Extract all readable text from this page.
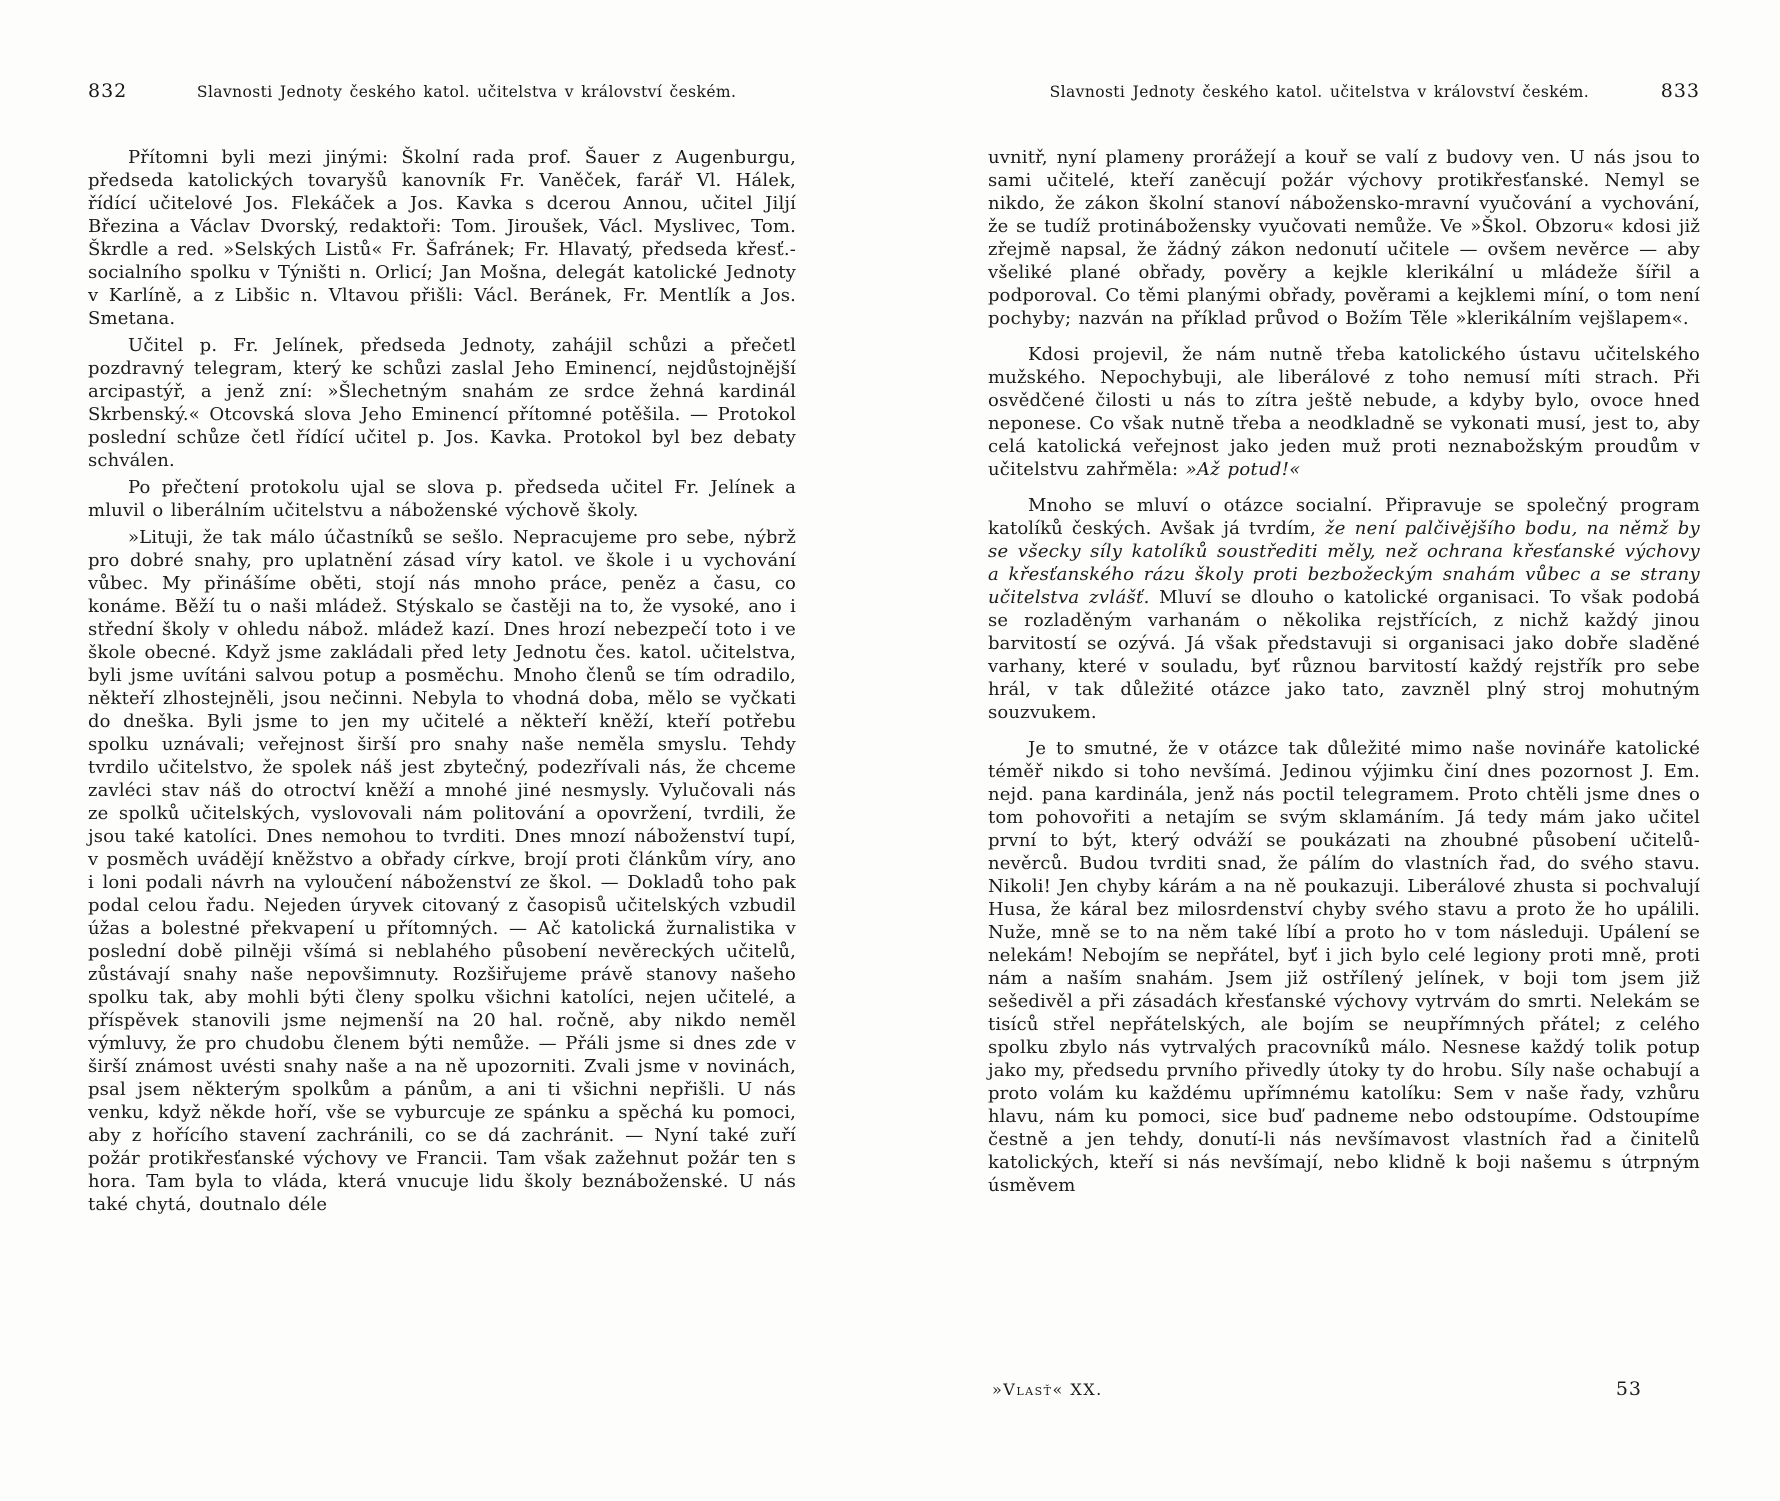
832	Slavnosti Jednoty českého katol. učitelstva v království českém.

Přítomni byli mezi jinými: Školní rada prof. Šauer z Augenburgu, předseda katolických tovaryšů kanovník Fr. Vaněček, farář Vl. Hálek, řídící učitelové Jos. Flekáček a Jos. Kavka s dcerou Annou, učitel Jiljí Březina a Václav Dvorský, redaktoři: Tom. Jiroušek, Václ. Myslivec, Tom. Škrdle a red. »Selských Listů« Fr. Šafránek; Fr. Hlavatý, předseda křesť.-socialního spolku v Týništi n. Orlicí; Jan Mošna, delegát katolické Jednoty v Karlíně, a z Libšic n. Vltavou přišli: Václ. Beránek, Fr. Mentlík a Jos. Smetana.

Učitel p. Fr. Jelínek, předseda Jednoty, zahájil schůzi a přečetl pozdravný telegram, který ke schůzi zaslal Jeho Eminencí, nejdůstojnější arcipastýř, a jenž zní: »Šlechetným snahám ze srdce žehná kardinál Skrbenský.« Otcovská slova Jeho Eminencí přítomné potěšila. — Protokol poslední schůze četl řídící učitel p. Jos. Kavka. Protokol byl bez debaty schválen.

Po přečtení protokolu ujal se slova p. předseda učitel Fr. Jelínek a mluvil o liberálním učitelstvu a náboženské výchově školy.

»Lituji, že tak málo účastníků se sešlo. Nepracujeme pro sebe, nýbrž pro dobré snahy, pro uplatnění zásad víry katol. ve škole i u vychování vůbec. My přinášíme oběti, stojí nás mnoho práce, peněz a času, co konáme. Běží tu o naši mládež. Stýskalo se častěji na to, že vysoké, ano i střední školy v ohledu nábož. mládež kazí. Dnes hrozí nebezpečí toto i ve škole obecné. Když jsme zakládali před lety Jednotu čes. katol. učitelstva, byli jsme uvítáni salvou potup a posměchu. Mnoho členů se tím odradilo, někteří zlhostejněli, jsou nečinni. Nebyla to vhodná doba, mělo se vyčkati do dneška. Byli jsme to jen my učitelé a někteří kněží, kteří potřebu spolku uznávali; veřejnost širší pro snahy naše neměla smyslu. Tehdy tvrdilo učitelstvo, že spolek náš jest zbytečný, podezřívali nás, že chceme zavléci stav náš do otroctví kněží a mnohé jiné nesmysly. Vylučovali nás ze spolků učitelských, vyslovovali nám politování a opovržení, tvrdili, že jsou také katolíci. Dnes nemohou to tvrditi. Dnes mnozí náboženství tupí, v posměch uvádějí kněžstvo a obřady církve, brojí proti článkům víry, ano i loni podali návrh na vyloučení náboženství ze škol. — Dokladů toho pak podal celou řadu. Nejeden úryvek citovaný z časopisů učitelských vzbudil úžas a bolestné překvapení u přítomných. — Ač katolická žurnalistika v poslední době pilněji všímá si neblahého působení nevěreckých učitelů, zůstávají snahy naše nepovšimnuty. Rozšiřujeme právě stanovy našeho spolku tak, aby mohli býti členy spolku všichni katolíci, nejen učitelé, a příspěvek stanovili jsme nejmenší na 20 hal. ročně, aby nikdo neměl výmluvy, že pro chudobu členem býti nemůže. — Přáli jsme si dnes zde v širší známost uvésti snahy naše a na ně upozorniti. Zvali jsme v novinách, psal jsem některým spolkům a pánům, a ani ti všichni nepřišli. U nás venku, když někde hoří, vše se vyburcuje ze spánku a spěchá ku pomoci, aby z hořícího stavení zachránili, co se dá zachránit. — Nyní také zuří požár protikřesťanské výchovy ve Francii. Tam však zažehnut požár ten s hora. Tam byla to vláda, která vnucuje lidu školy beznáboženské. U nás také chytá, doutnalo déle

Slavnosti Jednoty českého katol. učitelstva v království českém.	833

uvnitř, nyní plameny prorážejí a kouř se valí z budovy ven. U nás jsou to sami učitelé, kteří zaněcují požár výchovy protikřesťanské. Nemyl se nikdo, že zákon školní stanoví nábožensko-mravní vyučování a vychování, že se tudíž protinábožensky vyučovati nemůže. Ve »Škol. Obzoru« kdosi již zřejmě napsal, že žádný zákon nedonutí učitele — ovšem nevěrce — aby všeliké plané obřady, pověry a kejkle klerikální u mládeže šířil a podporoval. Co těmi planými obřady, pověrami a kejklemi míní, o tom není pochyby; nazván na příklad průvod o Božím Těle »klerikálním vejšlapem«.

Kdosi projevil, že nám nutně třeba katolického ústavu učitelského mužského. Nepochybuji, ale liberálové z toho nemusí míti strach. Při osvědčené čilosti u nás to zítra ještě nebude, a kdyby bylo, ovoce hned neponese. Co však nutně třeba a neodkladně se vykonati musí, jest to, aby celá katolická veřejnost jako jeden muž proti neznabožským proudům v učitelstvu zahřměla: »Až potud!«

Mnoho se mluví o otázce socialní. Připravuje se společný program katolíků českých. Avšak já tvrdím, že není palčivějšího bodu, na němž by se všecky síly katolíků soustřediti měly, než ochrana křesťanské výchovy a křesťanského rázu školy proti bezbožeckým snahám vůbec a se strany učitelstva zvlášť. Mluví se dlouho o katolické organisaci. To však podobá se rozladěným varhanám o několika rejstřících, z nichž každý jinou barvitostí se ozývá. Já však představuji si organisaci jako dobře sladěné varhany, které v souladu, byť různou barvitostí každý rejstřík pro sebe hrál, v tak důležité otázce jako tato, zavzněl plný stroj mohutným souzvukem.

Je to smutné, že v otázce tak důležité mimo naše novináře katolické téměř nikdo si toho nevšímá. Jedinou výjimku činí dnes pozornost J. Em. nejd. pana kardinála, jenž nás poctil telegramem. Proto chtěli jsme dnes o tom pohovořiti a netajím se svým sklamáním. Já tedy mám jako učitel první to být, který odváží se poukázati na zhoubné působení učitelů-nevěrců. Budou tvrditi snad, že pálím do vlastních řad, do svého stavu. Nikoli! Jen chyby kárám a na ně poukazuji. Liberálové zhusta si pochvalují Husa, že káral bez milosrdenství chyby svého stavu a proto že ho upálili. Nuže, mně se to na něm také líbí a proto ho v tom následuji. Upálení se nelekám! Nebojím se nepřátel, byť i jich bylo celé legiony proti mně, proti nám a naším snahám. Jsem již ostřílený jelínek, v boji tom jsem již sešedivěl a při zásadách křesťanské výchovy vytrvám do smrti. Nelekám se tisíců střel nepřátelských, ale bojím se neupřímných přátel; z celého spolku zbylo nás vytrvalých pracovníků málo. Nesnese každý tolik potup jako my, předsedu prvního přivedly útoky ty do hrobu. Síly naše ochabují a proto volám ku každému upřímnému katolíku: Sem v naše řady, vzhůru hlavu, nám ku pomoci, sice buď padneme nebo odstoupíme. Odstoupíme čestně a jen tehdy, donutí-li nás nevšímavost vlastních řad a činitelů katolických, kteří si nás nevšímají, nebo klidně k boji našemu s útrpným úsměvem

»Vlasť« XX.	53
